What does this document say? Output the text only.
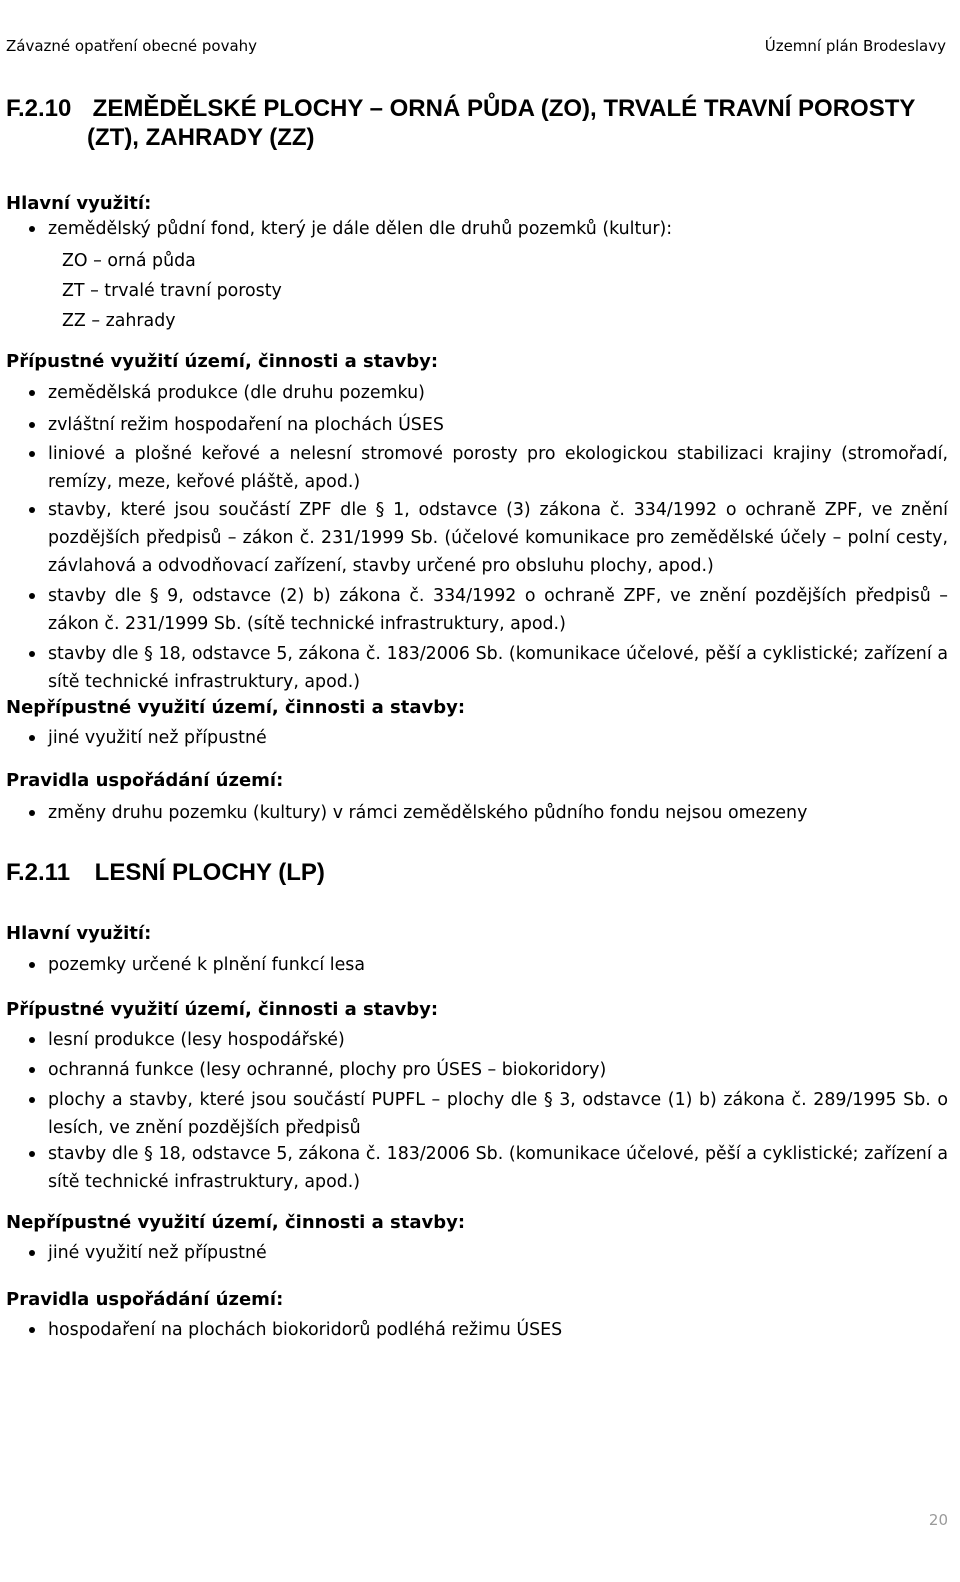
Závazné opatření obecné povahy	Územní plán Brodeslavy
F.2.10 ZEMĚDĚLSKÉ PLOCHY – ORNÁ PŮDA (ZO), TRVALÉ TRAVNÍ POROSTY
(ZT), ZAHRADY (ZZ)
Hlavní využití:
zemědělský půdní fond, který je dále dělen dle druhů pozemků (kultur):
ZO – orná půda
ZT – trvalé travní porosty
ZZ – zahrady
Přípustné využití území, činnosti a stavby:
zemědělská produkce (dle druhu pozemku)
zvláštní režim hospodaření na plochách ÚSES
liniové a plošné keřové a nelesní stromové porosty pro ekologickou stabilizaci krajiny (stromořadí, remízy, meze, keřové pláště, apod.)
stavby, které jsou součástí ZPF dle § 1, odstavce (3) zákona č. 334/1992 o ochraně ZPF, ve znění pozdějších předpisů – zákon č. 231/1999 Sb. (účelové komunikace pro zemědělské účely – polní cesty, závlahová a odvodňovací zařízení, stavby určené pro obsluhu plochy, apod.)
stavby dle § 9, odstavce (2) b) zákona č. 334/1992 o ochraně ZPF, ve znění pozdějších předpisů – zákon č. 231/1999 Sb. (sítě technické infrastruktury, apod.)
stavby dle § 18, odstavce 5, zákona č. 183/2006 Sb. (komunikace účelové, pěší a cyklistické; zařízení a sítě technické infrastruktury, apod.)
Nepřípustné využití území, činnosti a stavby:
jiné využití než přípustné
Pravidla uspořádání území:
změny druhu pozemku (kultury) v rámci zemědělského půdního fondu nejsou omezeny
F.2.11 LESNÍ PLOCHY (LP)
Hlavní využití:
pozemky určené k plnění funkcí lesa
Přípustné využití území, činnosti a stavby:
lesní produkce (lesy hospodářské)
ochranná funkce (lesy ochranné, plochy pro ÚSES – biokoridory)
plochy a stavby, které jsou součástí PUPFL – plochy dle § 3, odstavce (1) b) zákona č. 289/1995 Sb. o lesích, ve znění pozdějších předpisů
stavby dle § 18, odstavce 5, zákona č. 183/2006 Sb. (komunikace účelové, pěší a cyklistické; zařízení a sítě technické infrastruktury, apod.)
Nepřípustné využití území, činnosti a stavby:
jiné využití než přípustné
Pravidla uspořádání území:
hospodaření na plochách biokoridorů podléhá režimu ÚSES
20
